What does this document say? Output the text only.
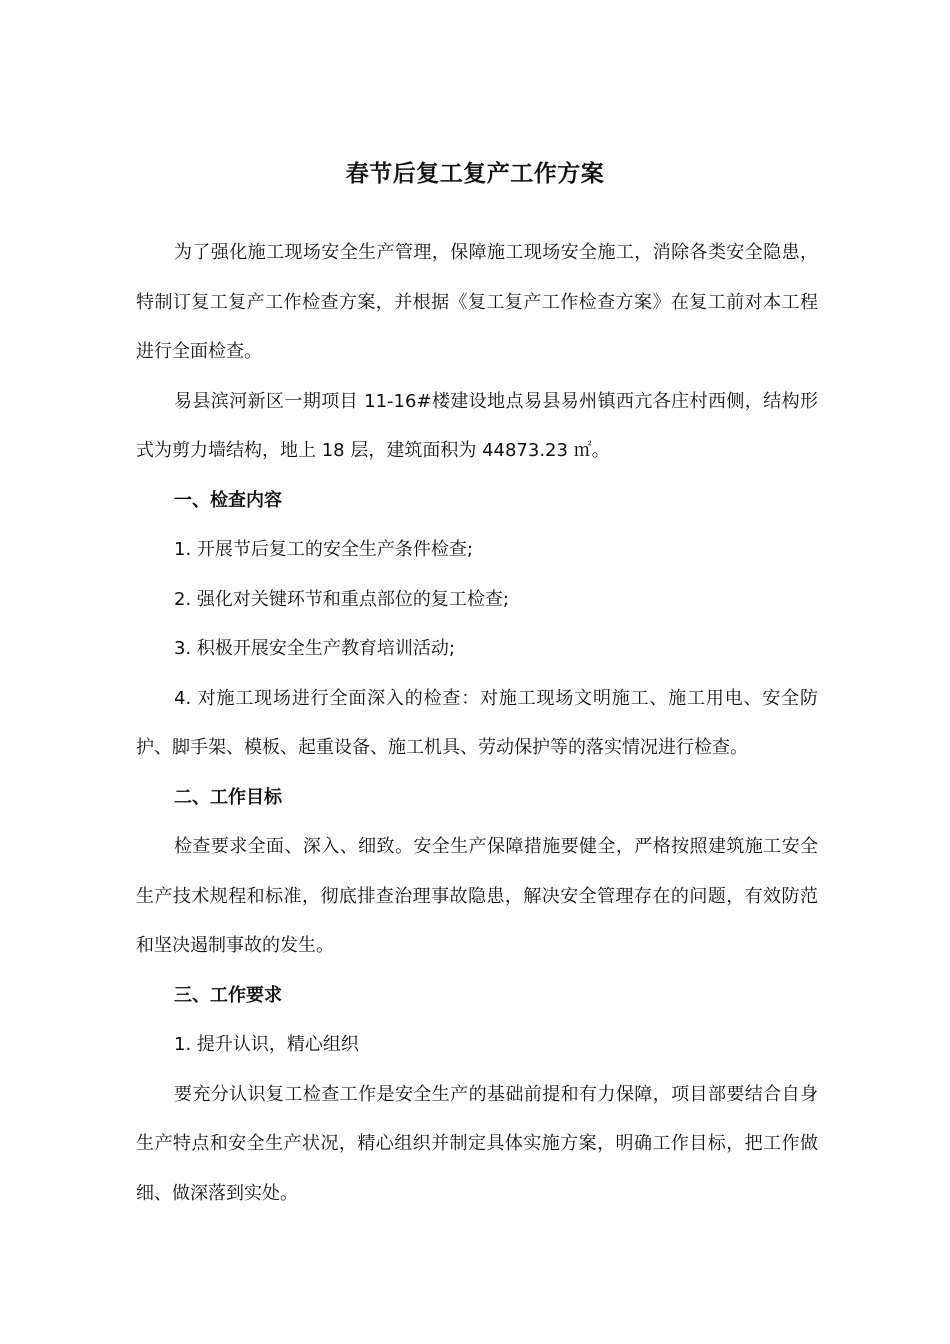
春节后复工复产工作方案

为了强化施工现场安全生产管理，保障施工现场安全施工，消除各类安全隐患，特制订复工复产工作检查方案，并根据《复工复产工作检查方案》在复工前对本工程进行全面检查。

易县滨河新区一期项目 11-16#楼建设地点易县易州镇西亢各庄村西侧，结构形式为剪力墙结构，地上 18 层，建筑面积为 44873.23 ㎡。

一、检查内容

1. 开展节后复工的安全生产条件检查;

2. 强化对关键环节和重点部位的复工检查;

3. 积极开展安全生产教育培训活动;

4. 对施工现场进行全面深入的检查：对施工现场文明施工、施工用电、安全防护、脚手架、模板、起重设备、施工机具、劳动保护等的落实情况进行检查。

二、工作目标

检查要求全面、深入、细致。安全生产保障措施要健全，严格按照建筑施工安全生产技术规程和标准，彻底排查治理事故隐患，解决安全管理存在的问题，有效防范和坚决遏制事故的发生。

三、工作要求

1. 提升认识，精心组织

要充分认识复工检查工作是安全生产的基础前提和有力保障，项目部要结合自身生产特点和安全生产状况，精心组织并制定具体实施方案，明确工作目标，把工作做细、做深落到实处。
